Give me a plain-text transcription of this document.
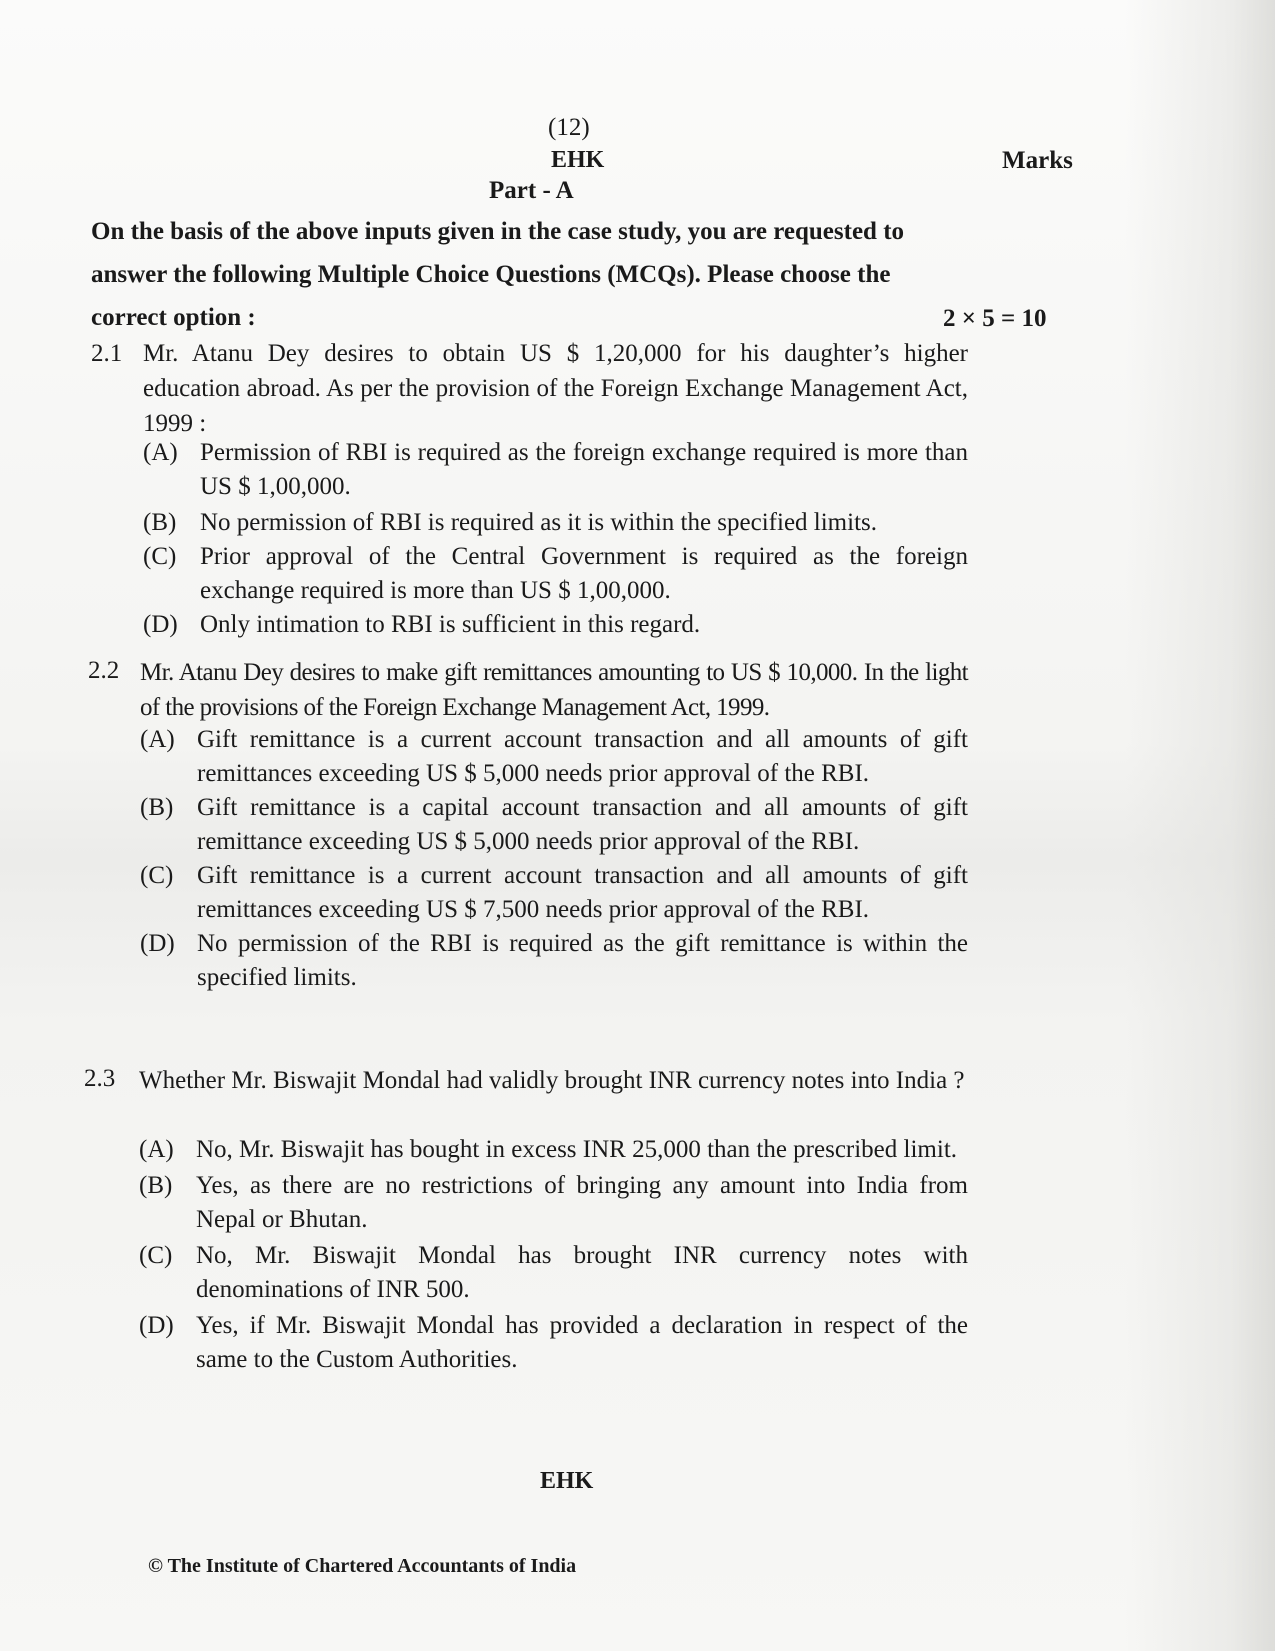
(12)
EHK	Marks
Part - A
On the basis of the above inputs given in the case study, you are requested to
answer the following Multiple Choice Questions (MCQs). Please choose the
correct option :	2 × 5 = 10
2.1 Mr. Atanu Dey desires to obtain US $ 1,20,000 for his daughter’s higher education abroad. As per the provision of the Foreign Exchange Management Act, 1999 :
(A) Permission of RBI is required as the foreign exchange required is more than US $ 1,00,000.
(B) No permission of RBI is required as it is within the specified limits.
(C) Prior approval of the Central Government is required as the foreign exchange required is more than US $ 1,00,000.
(D) Only intimation to RBI is sufficient in this regard.
2.2 Mr. Atanu Dey desires to make gift remittances amounting to US $ 10,000. In the light of the provisions of the Foreign Exchange Management Act, 1999.
(A) Gift remittance is a current account transaction and all amounts of gift remittances exceeding US $ 5,000 needs prior approval of the RBI.
(B) Gift remittance is a capital account transaction and all amounts of gift remittance exceeding US $ 5,000 needs prior approval of the RBI.
(C) Gift remittance is a current account transaction and all amounts of gift remittances exceeding US $ 7,500 needs prior approval of the RBI.
(D) No permission of the RBI is required as the gift remittance is within the specified limits.
2.3 Whether Mr. Biswajit Mondal had validly brought INR currency notes into India ?
(A) No, Mr. Biswajit has bought in excess INR 25,000 than the prescribed limit.
(B) Yes, as there are no restrictions of bringing any amount into India from Nepal or Bhutan.
(C) No, Mr. Biswajit Mondal has brought INR currency notes with denominations of INR 500.
(D) Yes, if Mr. Biswajit Mondal has provided a declaration in respect of the same to the Custom Authorities.
EHK
© The Institute of Chartered Accountants of India
